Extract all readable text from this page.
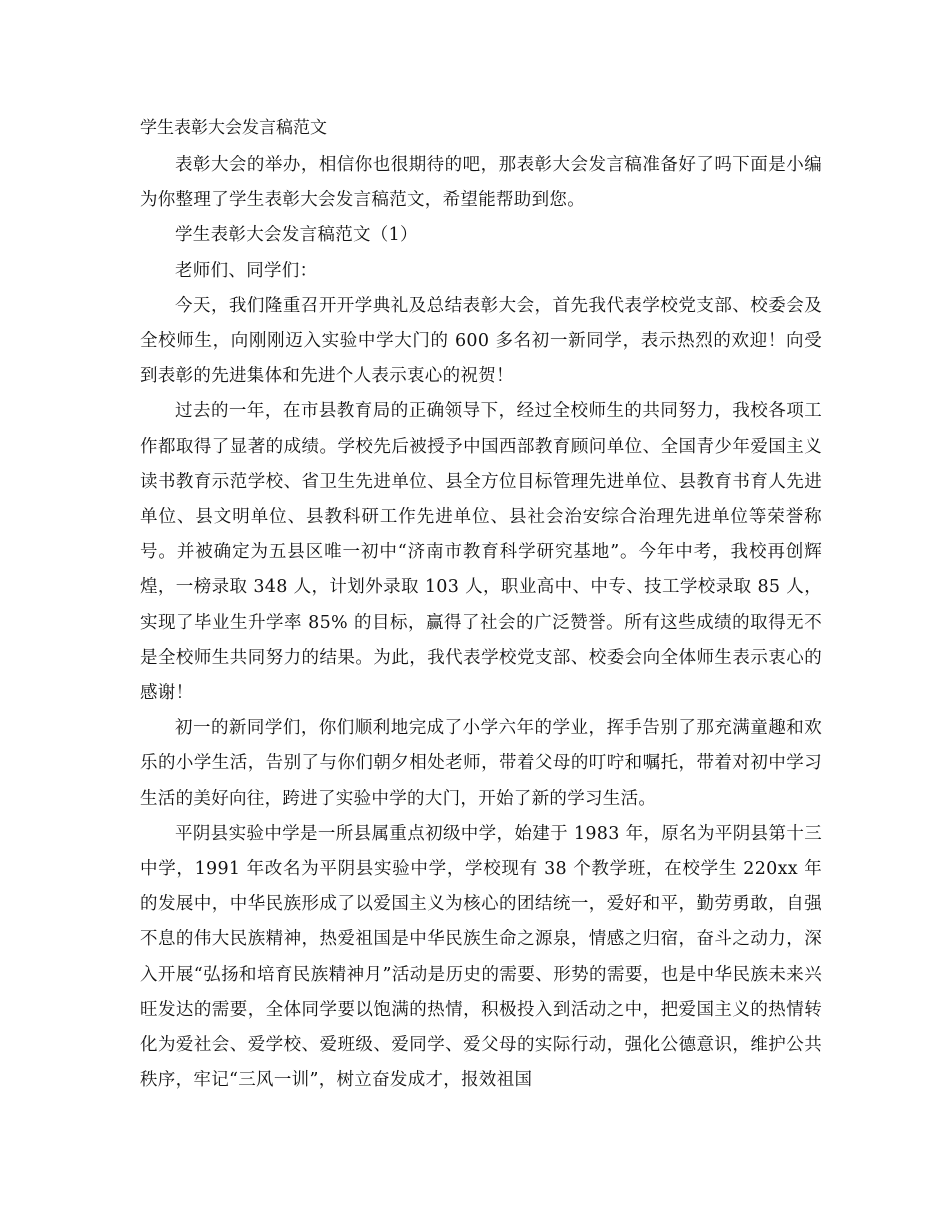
学生表彰大会发言稿范文

表彰大会的举办，相信你也很期待的吧，那表彰大会发言稿准备好了吗下面是小编为你整理了学生表彰大会发言稿范文，希望能帮助到您。

学生表彰大会发言稿范文（1）

老师们、同学们：

今天，我们隆重召开开学典礼及总结表彰大会，首先我代表学校党支部、校委会及全校师生，向刚刚迈入实验中学大门的 600 多名初一新同学，表示热烈的欢迎！向受到表彰的先进集体和先进个人表示衷心的祝贺！

过去的一年，在市县教育局的正确领导下，经过全校师生的共同努力，我校各项工作都取得了显著的成绩。学校先后被授予中国西部教育顾问单位、全国青少年爱国主义读书教育示范学校、省卫生先进单位、县全方位目标管理先进单位、县教育书育人先进单位、县文明单位、县教科研工作先进单位、县社会治安综合治理先进单位等荣誉称号。并被确定为五县区唯一初中“济南市教育科学研究基地”。今年中考，我校再创辉煌，一榜录取 348 人，计划外录取 103 人，职业高中、中专、技工学校录取 85 人，实现了毕业生升学率 85% 的目标，赢得了社会的广泛赞誉。所有这些成绩的取得无不是全校师生共同努力的结果。为此，我代表学校党支部、校委会向全体师生表示衷心的感谢！

初一的新同学们，你们顺利地完成了小学六年的学业，挥手告别了那充满童趣和欢乐的小学生活，告别了与你们朝夕相处老师，带着父母的叮咛和嘱托，带着对初中学习生活的美好向往，跨进了实验中学的大门，开始了新的学习生活。

平阴县实验中学是一所县属重点初级中学，始建于 1983 年，原名为平阴县第十三中学，1991 年改名为平阴县实验中学，学校现有 38 个教学班，在校学生 220xx 年的发展中，中华民族形成了以爱国主义为核心的团结统一，爱好和平，勤劳勇敢，自强不息的伟大民族精神，热爱祖国是中华民族生命之源泉，情感之归宿，奋斗之动力，深入开展“弘扬和培育民族精神月”活动是历史的需要、形势的需要，也是中华民族未来兴旺发达的需要，全体同学要以饱满的热情，积极投入到活动之中，把爱国主义的热情转化为爱社会、爱学校、爱班级、爱同学、爱父母的实际行动，强化公德意识，维护公共秩序，牢记“三风一训”，树立奋发成才，报效祖国
